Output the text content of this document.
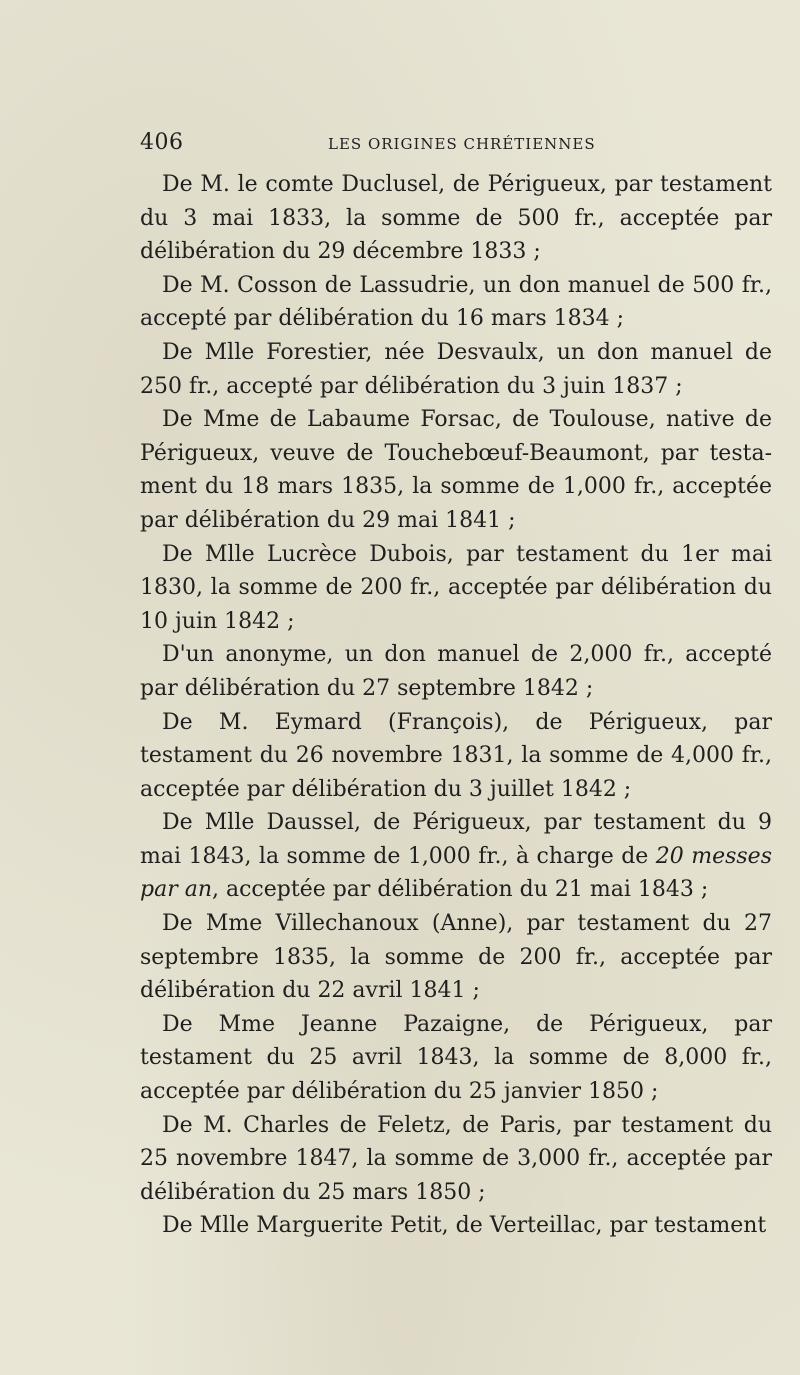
406	LES ORIGINES CHRÉTIENNES

De M. le comte Duclusel, de Périgueux, par testament du 3 mai 1833, la somme de 500 fr., acceptée par délibération du 29 décembre 1833 ;

De M. Cosson de Lassudrie, un don manuel de 500 fr., accepté par délibération du 16 mars 1834 ;

De Mlle Forestier, née Desvaulx, un don manuel de 250 fr., accepté par délibération du 3 juin 1837 ;

De Mme de Labaume Forsac, de Toulouse, native de Périgueux, veuve de Touchebœuf-Beaumont, par testament du 18 mars 1835, la somme de 1,000 fr., acceptée par délibération du 29 mai 1841 ;

De Mlle Lucrèce Dubois, par testament du 1er mai 1830, la somme de 200 fr., acceptée par délibération du 10 juin 1842 ;

D'un anonyme, un don manuel de 2,000 fr., accepté par délibération du 27 septembre 1842 ;

De M. Eymard (François), de Périgueux, par testament du 26 novembre 1831, la somme de 4,000 fr., acceptée par délibération du 3 juillet 1842 ;

De Mlle Daussel, de Périgueux, par testament du 9 mai 1843, la somme de 1,000 fr., à charge de 20 messes par an, acceptée par délibération du 21 mai 1843 ;

De Mme Villechanoux (Anne), par testament du 27 septembre 1835, la somme de 200 fr., acceptée par délibération du 22 avril 1841 ;

De Mme Jeanne Pazaigne, de Périgueux, par testament du 25 avril 1843, la somme de 8,000 fr., acceptée par délibération du 25 janvier 1850 ;

De M. Charles de Feletz, de Paris, par testament du 25 novembre 1847, la somme de 3,000 fr., acceptée par délibération du 25 mars 1850 ;

De Mlle Marguerite Petit, de Verteillac, par testament
